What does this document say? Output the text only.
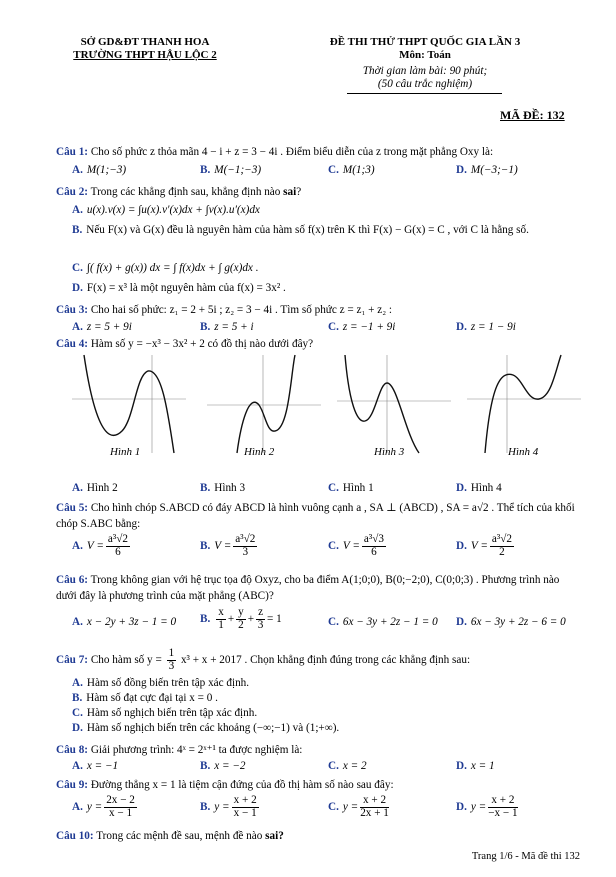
SỞ GD&ĐT THANH HOA
TRƯỜNG THPT HẬU LỘC 2
ĐỀ THI THỬ THPT QUỐC GIA LẦN 3
Môn: Toán
Thời gian làm bài: 90 phút;
(50 câu trắc nghiệm)
MÃ ĐỀ: 132
Câu 1: Cho số phức z thỏa mãn 4 − i + z = 3 − 4i . Điểm biểu diễn của z trong mặt phẳng Oxy là:
A. M(1;−3)	B. M(−1;−3)	C. M(1;3)	D. M(−3;−1)
Câu 2: Trong các khẳng định sau, khẳng định nào sai?
A. u(x).v(x) = ∫u(x).v′(x)dx + ∫v(x).u′(x)dx
B. Nếu F(x) và G(x) đều là nguyên hàm của hàm số f(x) trên K thì F(x) − G(x) = C , với C là hằng số.
C. ∫( f(x) + g(x)) dx = ∫ f(x)dx + ∫ g(x)dx .
D. F(x) = x³ là một nguyên hàm của f(x) = 3x² .
Câu 3: Cho hai số phức: z₁ = 2 + 5i ; z₂ = 3 − 4i . Tìm số phức z = z₁ + z₂ :
A. z = 5 + 9i	B. z = 5 + i	C. z = −1 + 9i	D. z = 1 − 9i
Câu 4: Hàm số y = −x³ − 3x² + 2 có đồ thị nào dưới đây?
Hình 1	Hình 2	Hình 3	Hình 4
A. Hình 2	B. Hình 3	C. Hình 1	D. Hình 4
Câu 5: Cho hình chóp S.ABCD có đáy ABCD là hình vuông cạnh a , SA ⊥ (ABCD) , SA = a√2 . Thể tích của khối chóp S.ABC bằng:
A. $V = \frac{\text{a³√2}}{6}$	B. $V = \frac{\text{a³√2}}{3}$	C. $V = \frac{\text{a³√3}}{6}$	D. $V = \frac{\text{a³√2}}{2}$
Câu 6: Trong không gian với hệ trục tọa độ Oxyz, cho ba điểm A(1;0;0), B(0;−2;0), C(0;0;3) . Phương trình nào dưới đây là phương trình của mặt phẳng (ABC)?
A. x − 2y + 3z − 1 = 0 B. $\frac{x}{1} + \frac{y}{2} + \frac{z}{3} = 1$	C. 6x − 3y + 2z − 1 = 0 D. 6x − 3y + 2z − 6 = 0
Câu 7: Cho hàm số $y = \frac{1}{3} x^3 + x + 2017$ . Chọn khẳng định đúng trong các khẳng định sau:
A. Hàm số đồng biến trên tập xác định.
B. Hàm số đạt cực đại tại x = 0 .
C. Hàm số nghịch biến trên tập xác định.
D. Hàm số nghịch biến trên các khoảng (−∞;−1) và (1;+∞).
Câu 8: Giải phương trình: 4ˣ = 2ˣ⁺¹ ta được nghiệm là:
A. x = −1	B. x = −2	C. x = 2	D. x = 1
Câu 9: Đường thẳng x = 1 là tiệm cận đứng của đồ thị hàm số nào sau đây:
A. $y = \frac{2x - 2}{x - 1}$	B. $y = \frac{x + 2}{x - 1}$	C. $y = \frac{x + 2}{2x + 1}$	D. $y = \frac{x + 2}{-x - 1}$
Câu 10: Trong các mệnh đề sau, mệnh đề nào sai?
Trang 1/6 - Mã đề thi 132
